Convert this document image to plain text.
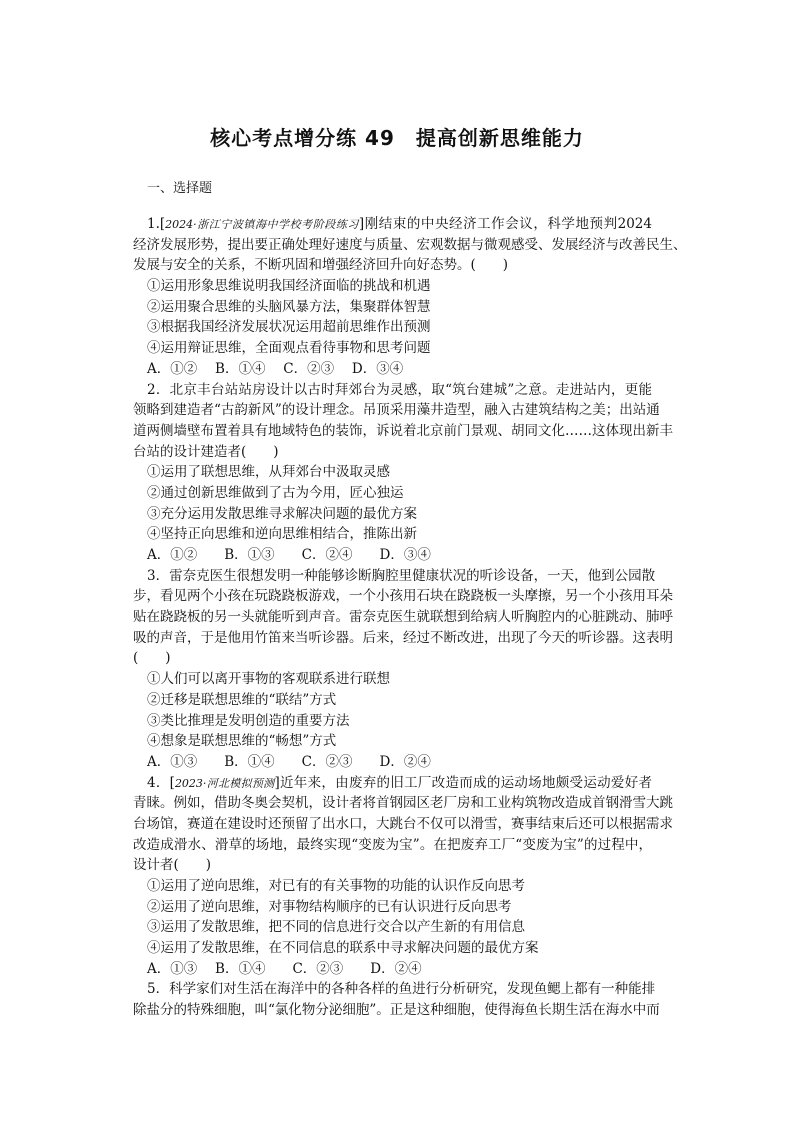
核心考点增分练 49　提高创新思维能力
一、选择题
1.[2024·浙江宁波镇海中学校考阶段练习]刚结束的中央经济工作会议，科学地预判2024
经济发展形势，提出要正确处理好速度与质量、宏观数据与微观感受、发展经济与改善民生、
发展与安全的关系，不断巩固和增强经济回升向好态势。(　　)
①运用形象思维说明我国经济面临的挑战和机遇
②运用聚合思维的头脑风暴方法，集聚群体智慧
③根据我国经济发展状况运用超前思维作出预测
④运用辩证思维，全面观点看待事物和思考问题
A．①②　 B．①④　 C．②③　 D．③④
2．北京丰台站站房设计以古时拜郊台为灵感，取“筑台建城”之意。走进站内，更能
领略到建造者“古韵新风”的设计理念。吊顶采用藻井造型，融入古建筑结构之美；出站通
道两侧墙壁布置着具有地域特色的装饰，诉说着北京前门景观、胡同文化……这体现出新丰
台站的设计建造者(　　)
①运用了联想思维，从拜郊台中汲取灵感
②通过创新思维做到了古为今用，匠心独运
③充分运用发散思维寻求解决问题的最优方案
④坚持正向思维和逆向思维相结合，推陈出新
A．①②　　B．①③　　C．②④　　D．③④
3．雷奈克医生很想发明一种能够诊断胸腔里健康状况的听诊设备，一天，他到公园散
步，看见两个小孩在玩跷跷板游戏，一个小孩用石块在跷跷板一头摩擦，另一个小孩用耳朵
贴在跷跷板的另一头就能听到声音。雷奈克医生就联想到给病人听胸腔内的心脏跳动、肺呼
吸的声音，于是他用竹笛来当听诊器。后来，经过不断改进，出现了今天的听诊器。这表明
(　　)
①人们可以离开事物的客观联系进行联想
②迁移是联想思维的“联结”方式
③类比推理是发明创造的重要方法
④想象是联想思维的“畅想”方式
A．①③　　B．①④　　C．②③　　D．②④
4．[2023·河北模拟预测]近年来，由废弃的旧工厂改造而成的运动场地颇受运动爱好者
青睐。例如，借助冬奥会契机，设计者将首钢园区老厂房和工业构筑物改造成首钢滑雪大跳
台场馆，赛道在建设时还预留了出水口，大跳台不仅可以滑雪，赛事结束后还可以根据需求
改造成滑水、滑草的场地，最终实现“变废为宝”。在把废弃工厂“变废为宝”的过程中，
设计者(　　)
①运用了逆向思维，对已有的有关事物的功能的认识作反向思考
②运用了逆向思维，对事物结构顺序的已有认识进行反向思考
③运用了发散思维，把不同的信息进行交合以产生新的有用信息
④运用了发散思维，在不同信息的联系中寻求解决问题的最优方案
A．①③　 B．①④　　C．②③　　D．②④
5．科学家们对生活在海洋中的各种各样的鱼进行分析研究，发现鱼鳃上都有一种能排
除盐分的特殊细胞，叫“氯化物分泌细胞”。正是这种细胞，使得海鱼长期生活在海水中而
